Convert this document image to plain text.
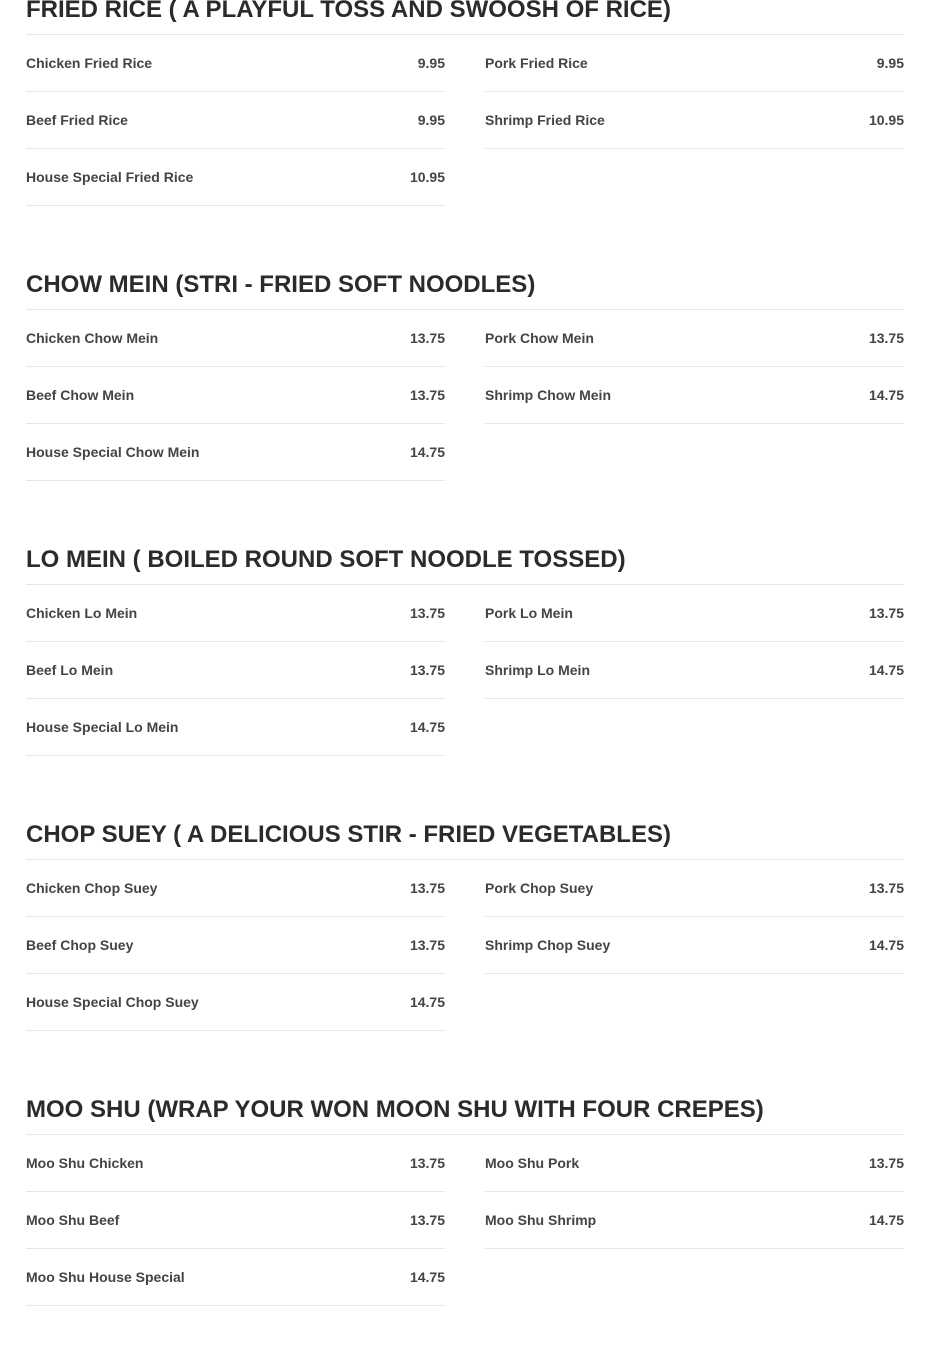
FRIED RICE ( A PLAYFUL TOSS AND SWOOSH OF RICE)
Chicken Fried Rice	9.95	Pork Fried Rice	9.95
Beef Fried Rice	9.95	Shrimp Fried Rice	10.95
House Special Fried Rice	10.95
CHOW MEIN (STRI - FRIED SOFT NOODLES)
Chicken Chow Mein	13.75	Pork Chow Mein	13.75
Beef Chow Mein	13.75	Shrimp Chow Mein	14.75
House Special Chow Mein	14.75
LO MEIN ( BOILED ROUND SOFT NOODLE TOSSED)
Chicken Lo Mein	13.75	Pork Lo Mein	13.75
Beef Lo Mein	13.75	Shrimp Lo Mein	14.75
House Special Lo Mein	14.75
CHOP SUEY ( A DELICIOUS STIR - FRIED VEGETABLES)
Chicken Chop Suey	13.75	Pork Chop Suey	13.75
Beef Chop Suey	13.75	Shrimp Chop Suey	14.75
House Special Chop Suey	14.75
MOO SHU (WRAP YOUR WON MOON SHU WITH FOUR CREPES)
Moo Shu Chicken	13.75	Moo Shu Pork	13.75
Moo Shu Beef	13.75	Moo Shu Shrimp	14.75
Moo Shu House Special	14.75
